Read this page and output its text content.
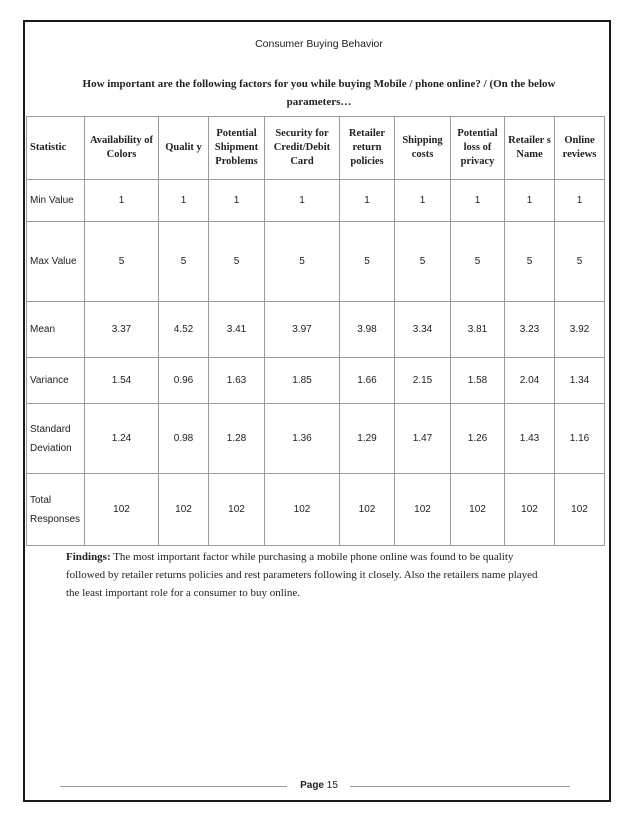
Consumer Buying Behavior
How important are the following factors for you while buying Mobile / phone online? / (On the below parameters…
Statistic	Availability of Colors	Qualit y	Potential Shipment Problems	Security for Credit/Debit Card	Retailer return policies	Shipping costs	Potential loss of privacy	Retailer s Name	Online reviews
Min Value	1	1	1	1	1	1	1	1	1
Max Value	5	5	5	5	5	5	5	5	5
Mean	3.37	4.52	3.41	3.97	3.98	3.34	3.81	3.23	3.92
Variance	1.54	0.96	1.63	1.85	1.66	2.15	1.58	2.04	1.34
Standard Deviation	1.24	0.98	1.28	1.36	1.29	1.47	1.26	1.43	1.16
Total Responses	102	102	102	102	102	102	102	102	102
Findings: The most important factor while purchasing a mobile phone online was found to be quality followed by retailer returns policies and rest parameters following it closely. Also the retailers name played the least important role for a consumer to buy online.
Page 15
